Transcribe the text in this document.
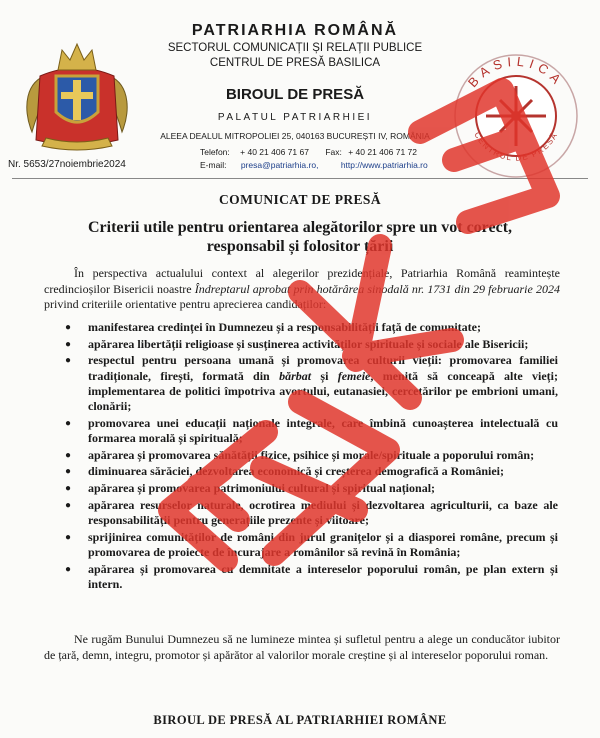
Nr. 5653/27noiembrie2024
PATRIARHIA ROMÂNĂ
SECTORUL COMUNICAȚII ȘI RELAȚII PUBLICE
CENTRUL DE PRESĂ BASILICA
BIROUL DE PRESĂ
PALATUL PATRIARHIEI
ALEEA DEALUL MITROPOLIEI 25, 040163 BUCUREȘTI IV, ROMÂNIA
Telefon: + 40 21 406 71 67 Fax: + 40 21 406 71 72
E-mail: presa@patriarhia.ro,	http://www.patriarhia.ro
BASILICA
CENTRUL DE PRESĂ
COMUNICAT DE PRESĂ
Criterii utile pentru orientarea alegătorilor spre un vot corect,
responsabil și folositor țării

În perspectiva actualului context al alegerilor prezidențiale, Patriarhia Română reamintește credincioșilor Bisericii noastre Îndreptarul aprobat prin hotărârea sinodală nr. 1731 din 29 februarie 2024 privind criteriile orientative pentru aprecierea candidaților:

● manifestarea credinței în Dumnezeu și a responsabilității față de comunitate;
● apărarea libertății religioase și susținerea activităților spirituale și sociale ale Bisericii;
● respectul pentru persoana umană și promovarea culturii vieții: promovarea familiei tradiționale, firești, formată din bărbat și femeie, menită să conceapă alte vieți; implementarea de politici împotriva avortului, eutanasiei, cercetărilor pe embrioni umani, clonării;
● promovarea unei educații naționale integrale, care îmbină cunoașterea intelectuală cu formarea morală și spirituală;
● apărarea și promovarea sănătății fizice, psihice și morale/spirituale a poporului român;
● diminuarea sărăciei, dezvoltarea economică și creșterea demografică a României;
● apărarea și promovarea patrimoniului cultural și spiritual național;
● apărarea resurselor naturale, ocrotirea mediului și dezvoltarea agriculturii, ca baze ale responsabilității pentru generațiile prezente și viitoare;
● sprijinirea comunităților de români din jurul granițelor și a diasporei române, precum și promovarea de proiecte de încurajare a românilor să revină în România;
● apărarea și promovarea cu demnitate a intereselor poporului român, pe plan extern și intern.

Ne rugăm Bunului Dumnezeu să ne lumineze mintea și sufletul pentru a alege un conducător iubitor de țară, demn, integru, promotor și apărător al valorilor morale creștine și al intereselor poporului roman.

BIROUL DE PRESĂ AL PATRIARHIEI ROMÂNE
